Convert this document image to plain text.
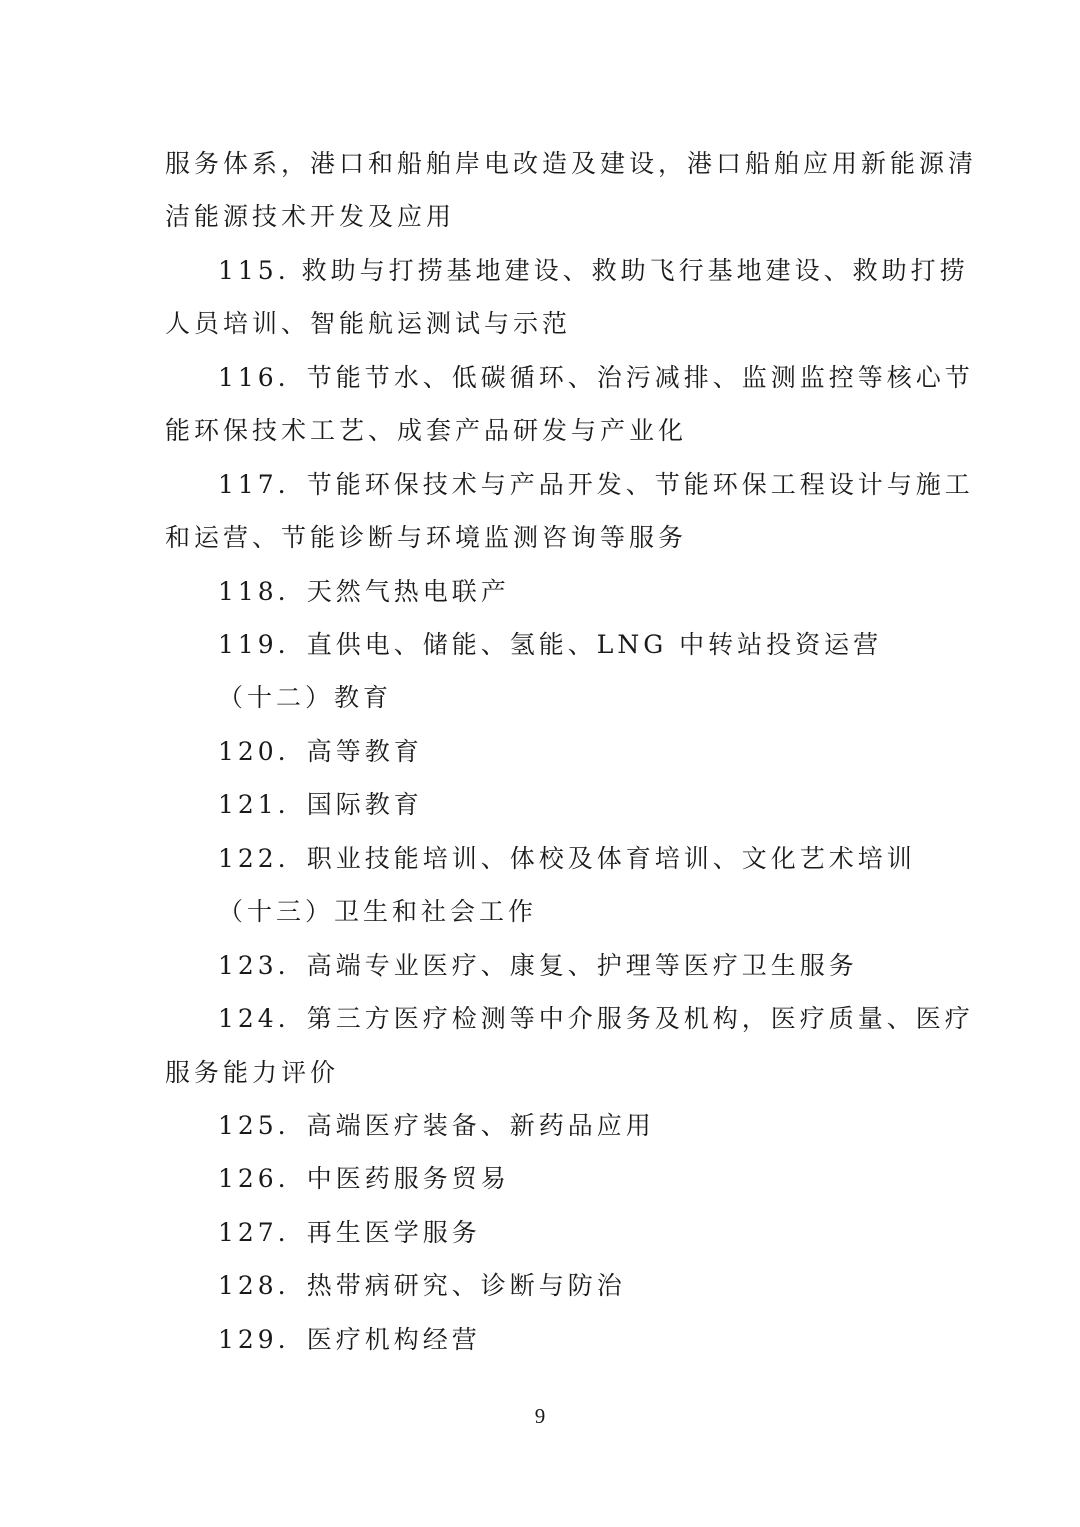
服务体系，港口和船舶岸电改造及建设，港口船舶应用新能源清
洁能源技术开发及应用
115. 救助与打捞基地建设、救助飞行基地建设、救助打捞
人员培训、智能航运测试与示范
116．节能节水、低碳循环、治污减排、监测监控等核心节
能环保技术工艺、成套产品研发与产业化
117．节能环保技术与产品开发、节能环保工程设计与施工
和运营、节能诊断与环境监测咨询等服务
118．天然气热电联产
119．直供电、储能、氢能、LNG 中转站投资运营
（十二）教育
120．高等教育
121．国际教育
122．职业技能培训、体校及体育培训、文化艺术培训
（十三）卫生和社会工作
123．高端专业医疗、康复、护理等医疗卫生服务
124．第三方医疗检测等中介服务及机构，医疗质量、医疗
服务能力评价
125．高端医疗装备、新药品应用
126．中医药服务贸易
127．再生医学服务
128．热带病研究、诊断与防治
129．医疗机构经营
9
